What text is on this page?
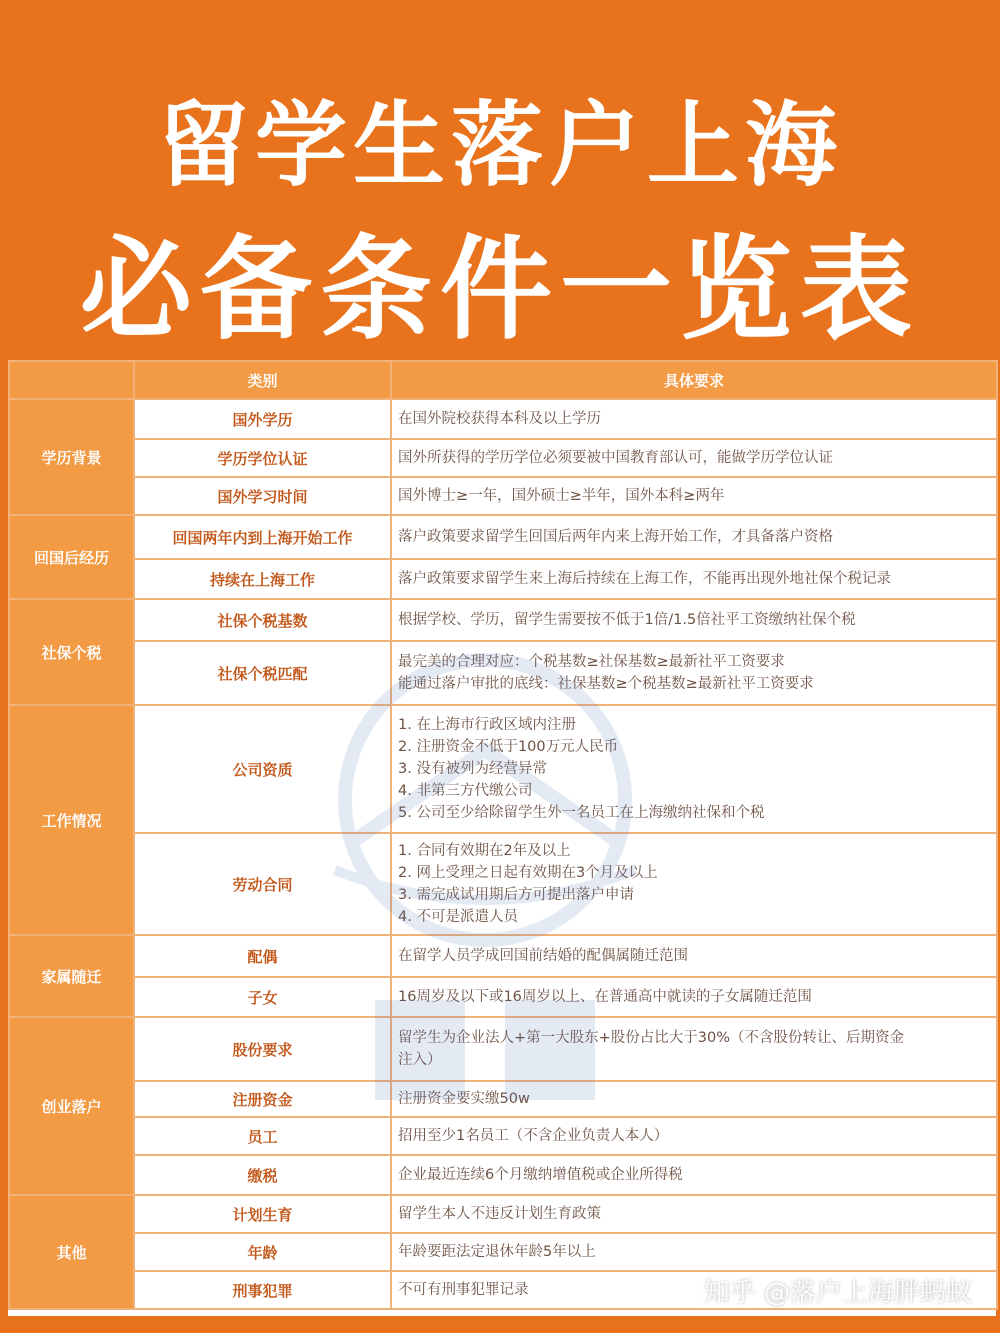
留学生落户上海
必备条件一览表
	类别	具体要求
学历背景	国外学历	在国外院校获得本科及以上学历

	学历学位认证	国外所获得的学历学位必须要被中国教育部认可，能做学历学位认证

	国外学习时间	国外博士≥一年，国外硕士≥半年，国外本科≥两年

回国后经历	回国两年内到上海开始工作	落户政策要求留学生回国后两年内来上海开始工作，才具备落户资格

	持续在上海工作	落户政策要求留学生来上海后持续在上海工作，不能再出现外地社保个税记录

社保个税	社保个税基数	根据学校、学历，留学生需要按不低于1倍/1.5倍社平工资缴纳社保个税

	社保个税匹配	最完美的合理对应：个税基数≥社保基数≥最新社平工资要求
能通过落户审批的底线：社保基数≥个税基数≥最新社平工资要求

工作情况	公司资质	1. 在上海市行政区域内注册
2. 注册资金不低于100万元人民币
3. 没有被列为经营异常
4. 非第三方代缴公司
5. 公司至少给除留学生外一名员工在上海缴纳社保和个税

	劳动合同	1. 合同有效期在2年及以上
2. 网上受理之日起有效期在3个月及以上
3. 需完成试用期后方可提出落户申请
4. 不可是派遣人员

家属随迁	配偶	在留学人员学成回国前结婚的配偶属随迁范围

	子女	16周岁及以下或16周岁以上、在普通高中就读的子女属随迁范围

创业落户	股份要求	留学生为企业法人+第一大股东+股份占比大于30%（不含股份转让、后期资金
注入）

	注册资金	注册资金要实缴50w

	员工	招用至少1名员工（不含企业负责人本人）

	缴税	企业最近连续6个月缴纳增值税或企业所得税

其他	计划生育	留学生本人不违反计划生育政策

	年龄	年龄要距法定退休年龄5年以上

	刑事犯罪	不可有刑事犯罪记录	知乎 @落户上海胖蚂蚁
